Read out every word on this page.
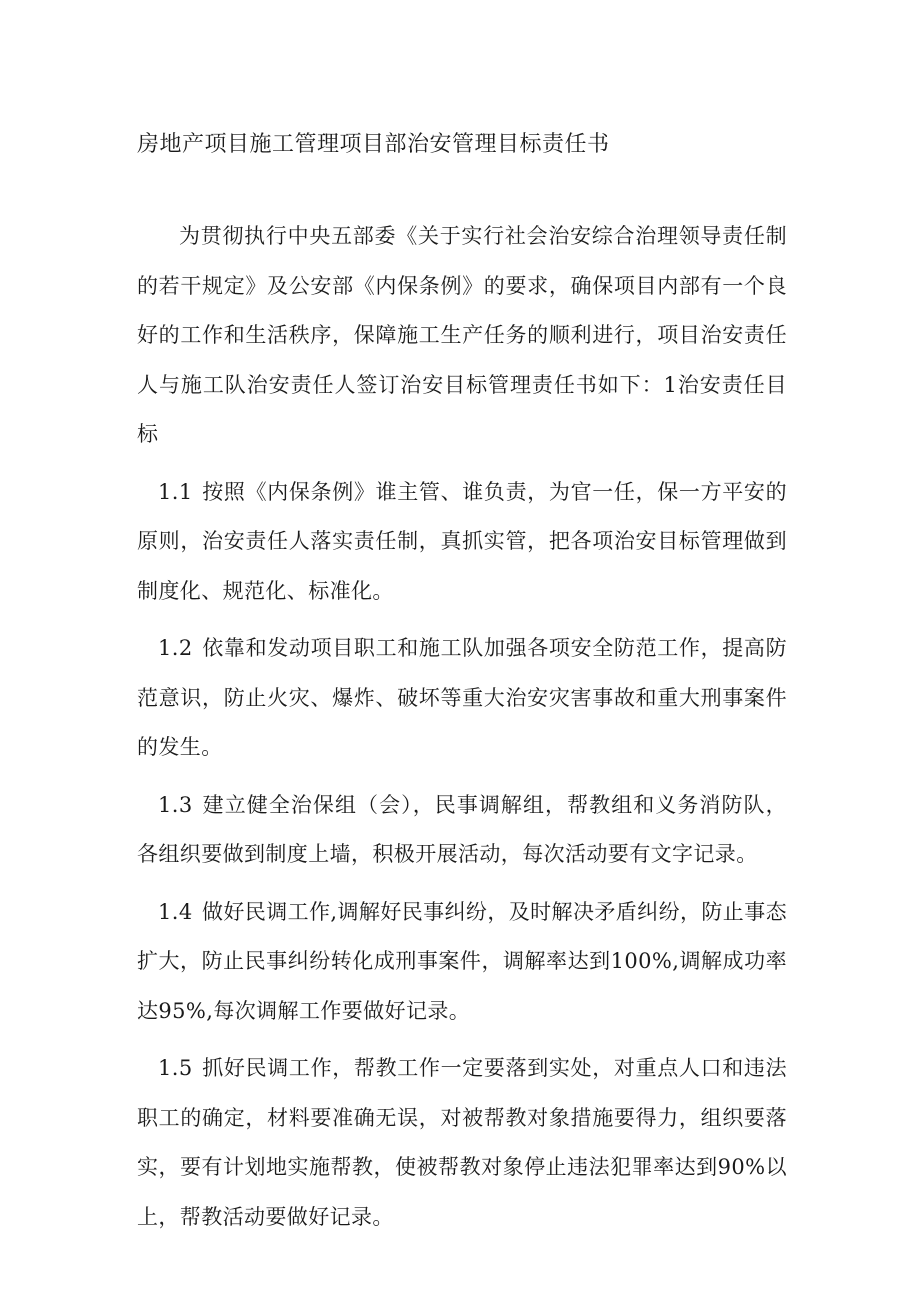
房地产项目施工管理项目部治安管理目标责任书

为贯彻执行中央五部委《关于实行社会治安综合治理领导责任制的若干规定》及公安部《内保条例》的要求，确保项目内部有一个良好的工作和生活秩序，保障施工生产任务的顺利进行，项目治安责任人与施工队治安责任人签订治安目标管理责任书如下：1治安责任目标

1.1 按照《内保条例》谁主管、谁负责，为官一任，保一方平安的原则，治安责任人落实责任制，真抓实管，把各项治安目标管理做到制度化、规范化、标准化。

1.2 依靠和发动项目职工和施工队加强各项安全防范工作，提高防范意识，防止火灾、爆炸、破坏等重大治安灾害事故和重大刑事案件的发生。

1.3 建立健全治保组（会），民事调解组，帮教组和义务消防队，各组织要做到制度上墙，积极开展活动，每次活动要有文字记录。

1.4 做好民调工作,调解好民事纠纷，及时解决矛盾纠纷，防止事态扩大，防止民事纠纷转化成刑事案件，调解率达到100%,调解成功率达95%,每次调解工作要做好记录。

1.5 抓好民调工作，帮教工作一定要落到实处，对重点人口和违法职工的确定，材料要准确无误，对被帮教对象措施要得力，组织要落实，要有计划地实施帮教，使被帮教对象停止违法犯罪率达到90%以上，帮教活动要做好记录。
